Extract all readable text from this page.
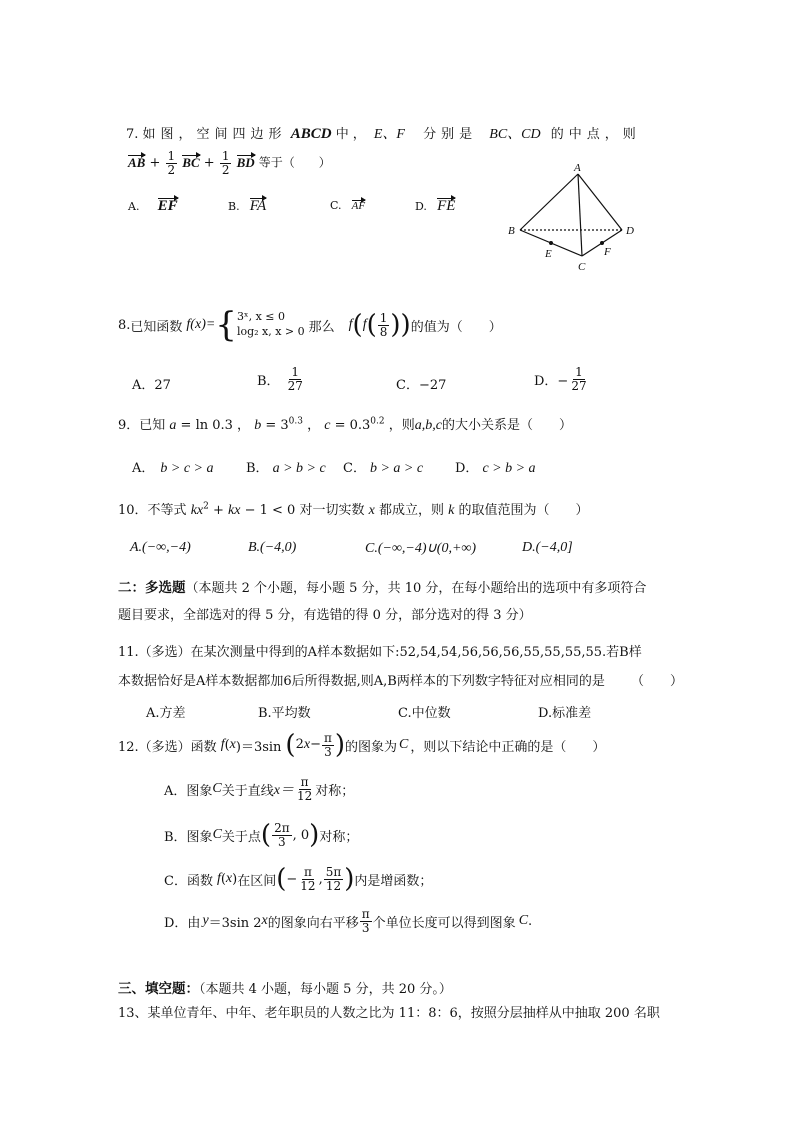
7. 如图，空间四边形 ABCD 中， E、F 分别是 BC、CD 的中点，则
AB + $\frac{1}{2}$ BC + $\frac{1}{2}$ BD 等于（　　）
A. EF	B. FA	C. AF	D. FE
A
B
C
D
E	F
8. 已知函数 f(x)= { 3ˣ, x ≤ 0
log₂ x, x > 0 那么 f ( f ( $\frac{1}{8}$ ) ) 的值为（　　）
A．27	B． $\frac{1}{27}$	C．−27	D．− $\frac{1}{27}$
9．已知 a = ln 0.3 ， $b = 3^{0.3}$ ， $c = 0.3^{0.2}$ ，则a,b,c的大小关系是（　　）
A． b > c > a	B． a > b > c C． b > a > c D． c > b > a
10．不等式 $kx^2$ + kx − 1 < 0 对一切实数 x 都成立，则 k 的取值范围为（　　）
A.(−∞,−4)	B.(−4,0)	C.(−∞,−4)∪(0,+∞)	D.(−4,0]
二：多选题（本题共 2 个小题，每小题 5 分，共 10 分，在每小题给出的选项中有多项符合
题目要求，全部选对的得 5 分，有选错的得 0 分，部分选对的得 3 分）
11.（多选）在某次测量中得到的A样本数据如下:52,54,54,56,56,56,55,55,55,55.若B样
本数据恰好是A样本数据都加6后所得数据,则A,B两样本的下列数字特征对应相同的是 （　　）
A.方差	B.平均数	C.中位数	D.标准差
12.（多选）函数 f ( x )＝3sin ( $2x- \frac{\pi}{3}$ ) 的图象为 C ，则以下结论中正确的是（　　）
A．图象 C 关于直线 $x= \frac{\pi}{12}$ 对称；
B．图象 C 关于点 ( $\frac{2\pi}{3}$ , 0 ) 对称；
C．函数 f ( x ) 在区间 ( − $\frac{\pi}{12}$ , $\frac{5\pi}{12}$ ) 内是增函数；
D．由 y ＝3sin 2 x 的图象向右平移 $\frac{\pi}{3}$ 个单位长度可以得到图象 C .
三、填空题：（本题共 4 小题，每小题 5 分，共 20 分。）
13、某单位青年、中年、老年职员的人数之比为 11：8：6，按照分层抽样从中抽取 200 名职
